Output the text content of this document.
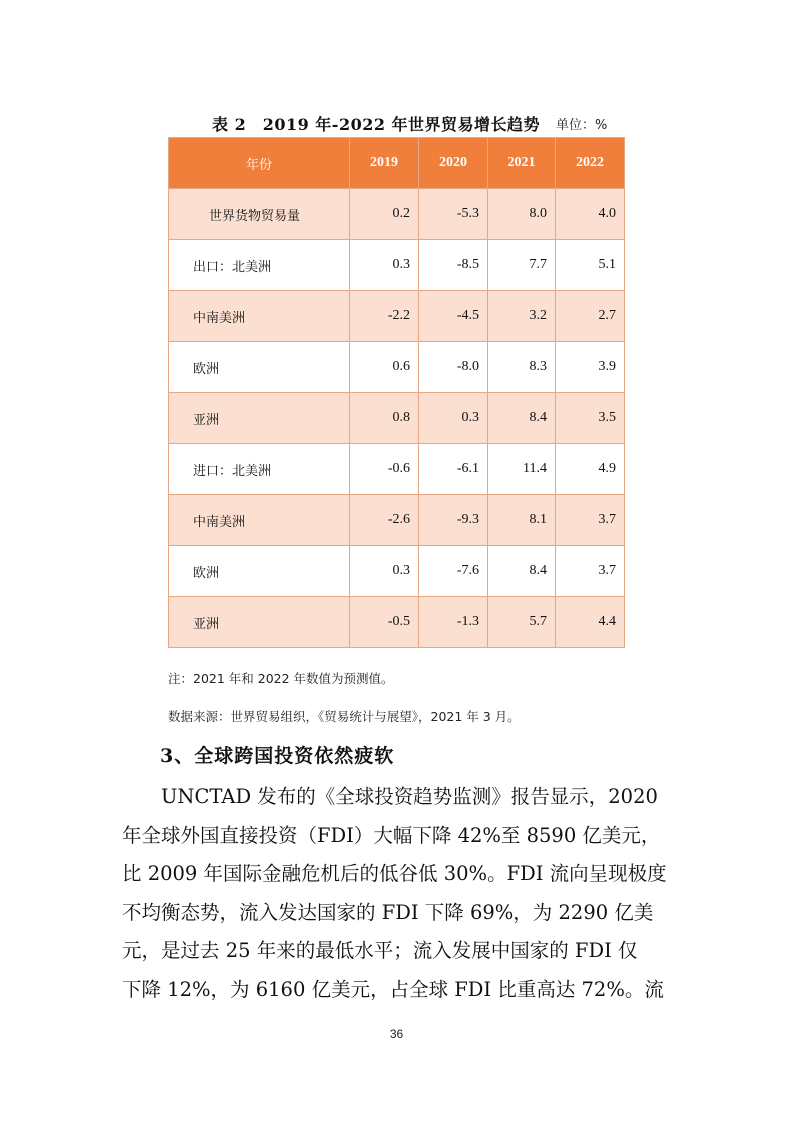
表 2　2019 年-2022 年世界贸易增长趋势 单位：%
年份	2019	2020	2021	2022
世界货物贸易量	0.2	-5.3	8.0	4.0
出口：北美洲	0.3	-8.5	7.7	5.1
中南美洲	-2.2	-4.5	3.2	2.7
欧洲	0.6	-8.0	8.3	3.9
亚洲	0.8	0.3	8.4	3.5
进口：北美洲	-0.6	-6.1	11.4	4.9
中南美洲	-2.6	-9.3	8.1	3.7
欧洲	0.3	-7.6	8.4	3.7
亚洲	-0.5	-1.3	5.7	4.4
注：2021 年和 2022 年数值为预测值。
数据来源：世界贸易组织，《贸易统计与展望》，2021 年 3 月。
3、全球跨国投资依然疲软
　　UNCTAD 发布的《全球投资趋势监测》报告显示，2020
年全球外国直接投资（FDI）大幅下降 42%至 8590 亿美元，
比 2009 年国际金融危机后的低谷低 30%。FDI 流向呈现极度
不均衡态势，流入发达国家的 FDI 下降 69%，为 2290 亿美
元，是过去 25 年来的最低水平；流入发展中国家的 FDI 仅
下降 12%，为 6160 亿美元，占全球 FDI 比重高达 72%。流
36
